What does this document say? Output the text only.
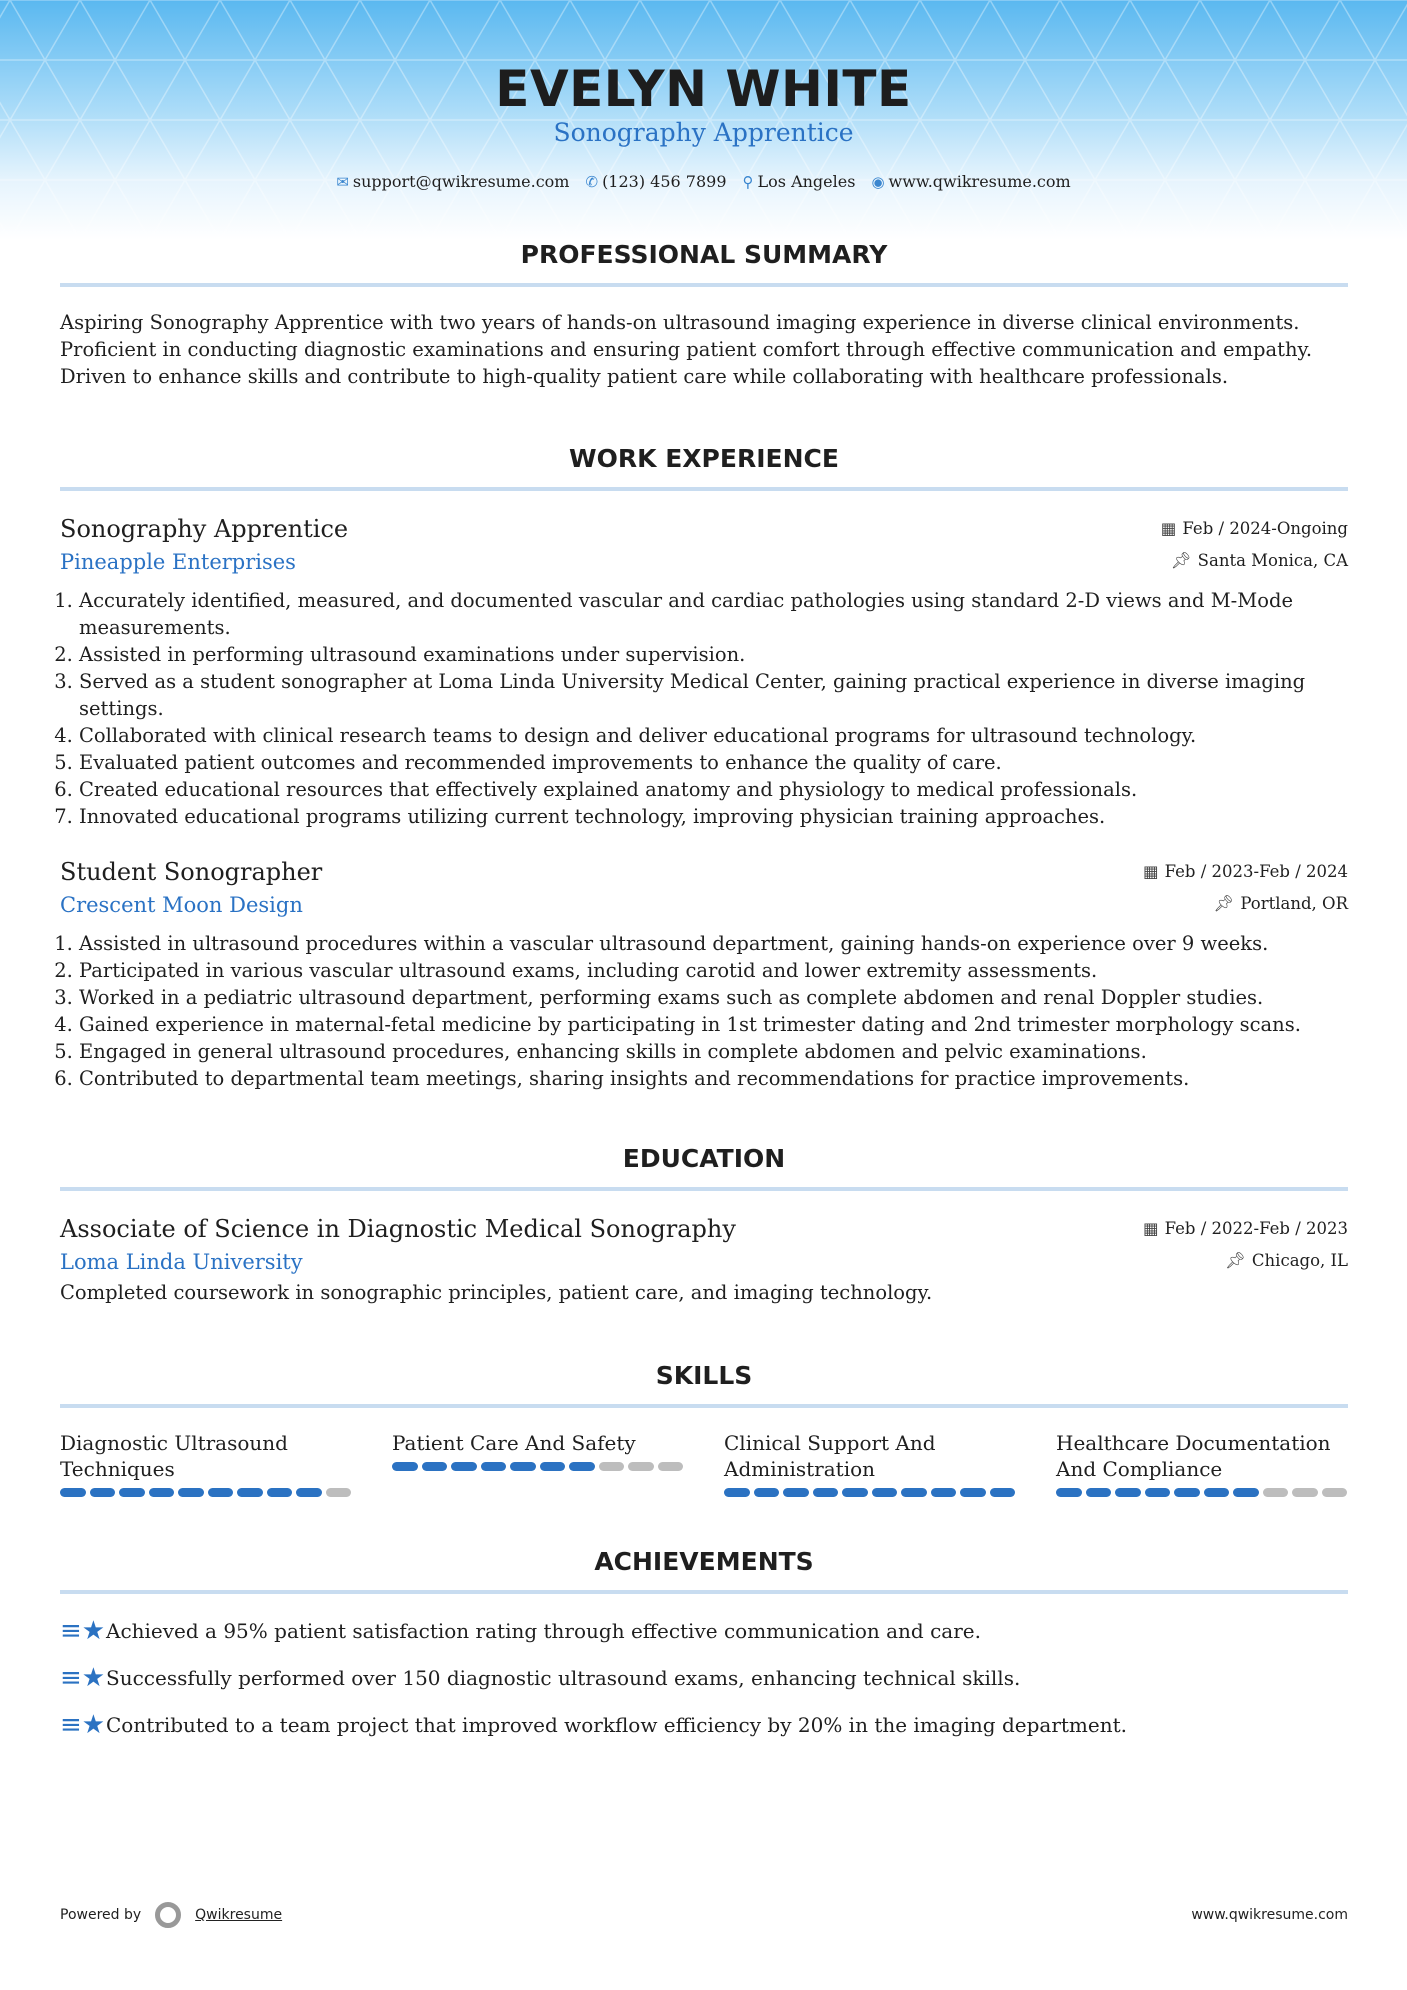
EVELYN WHITE
Sonography Apprentice
✉ support@qwikresume.com ✆ (123) 456 7899 ⚲ Los Angeles ◉ www.qwikresume.com
PROFESSIONAL SUMMARY

Aspiring Sonography Apprentice with two years of hands-on ultrasound imaging experience in diverse clinical environments. Proficient in conducting diagnostic examinations and ensuring patient comfort through effective communication and empathy. Driven to enhance skills and contribute to high-quality patient care while collaborating with healthcare professionals.

WORK EXPERIENCE
Sonography Apprentice
Pineapple Enterprises
▦ Feb / 2024-Ongoing
📌︎ Santa Monica, CA
1. Accurately identified, measured, and documented vascular and cardiac pathologies using standard 2-D views and M-Mode measurements.
2. Assisted in performing ultrasound examinations under supervision.
3. Served as a student sonographer at Loma Linda University Medical Center, gaining practical experience in diverse imaging settings.
4. Collaborated with clinical research teams to design and deliver educational programs for ultrasound technology.
5. Evaluated patient outcomes and recommended improvements to enhance the quality of care.
6. Created educational resources that effectively explained anatomy and physiology to medical professionals.
7. Innovated educational programs utilizing current technology, improving physician training approaches.
Student Sonographer
Crescent Moon Design
▦ Feb / 2023-Feb / 2024
📌︎ Portland, OR
1. Assisted in ultrasound procedures within a vascular ultrasound department, gaining hands-on experience over 9 weeks.
2. Participated in various vascular ultrasound exams, including carotid and lower extremity assessments.
3. Worked in a pediatric ultrasound department, performing exams such as complete abdomen and renal Doppler studies.
4. Gained experience in maternal-fetal medicine by participating in 1st trimester dating and 2nd trimester morphology scans.
5. Engaged in general ultrasound procedures, enhancing skills in complete abdomen and pelvic examinations.
6. Contributed to departmental team meetings, sharing insights and recommendations for practice improvements.
EDUCATION
Associate of Science in Diagnostic Medical Sonography
Loma Linda University
▦ Feb / 2022-Feb / 2023
📌︎ Chicago, IL
Completed coursework in sonographic principles, patient care, and imaging technology.
SKILLS
Diagnostic Ultrasound Techniques
Patient Care And Safety	Clinical Support And Administration
Healthcare Documentation And Compliance
ACHIEVEMENTS
≡★ Achieved a 95% patient satisfaction rating through effective communication and care.
≡★ Successfully performed over 150 diagnostic ultrasound exams, enhancing technical skills.
≡★ Contributed to a team project that improved workflow efficiency by 20% in the imaging department.
Powered by	Qwikresume	www.qwikresume.com
